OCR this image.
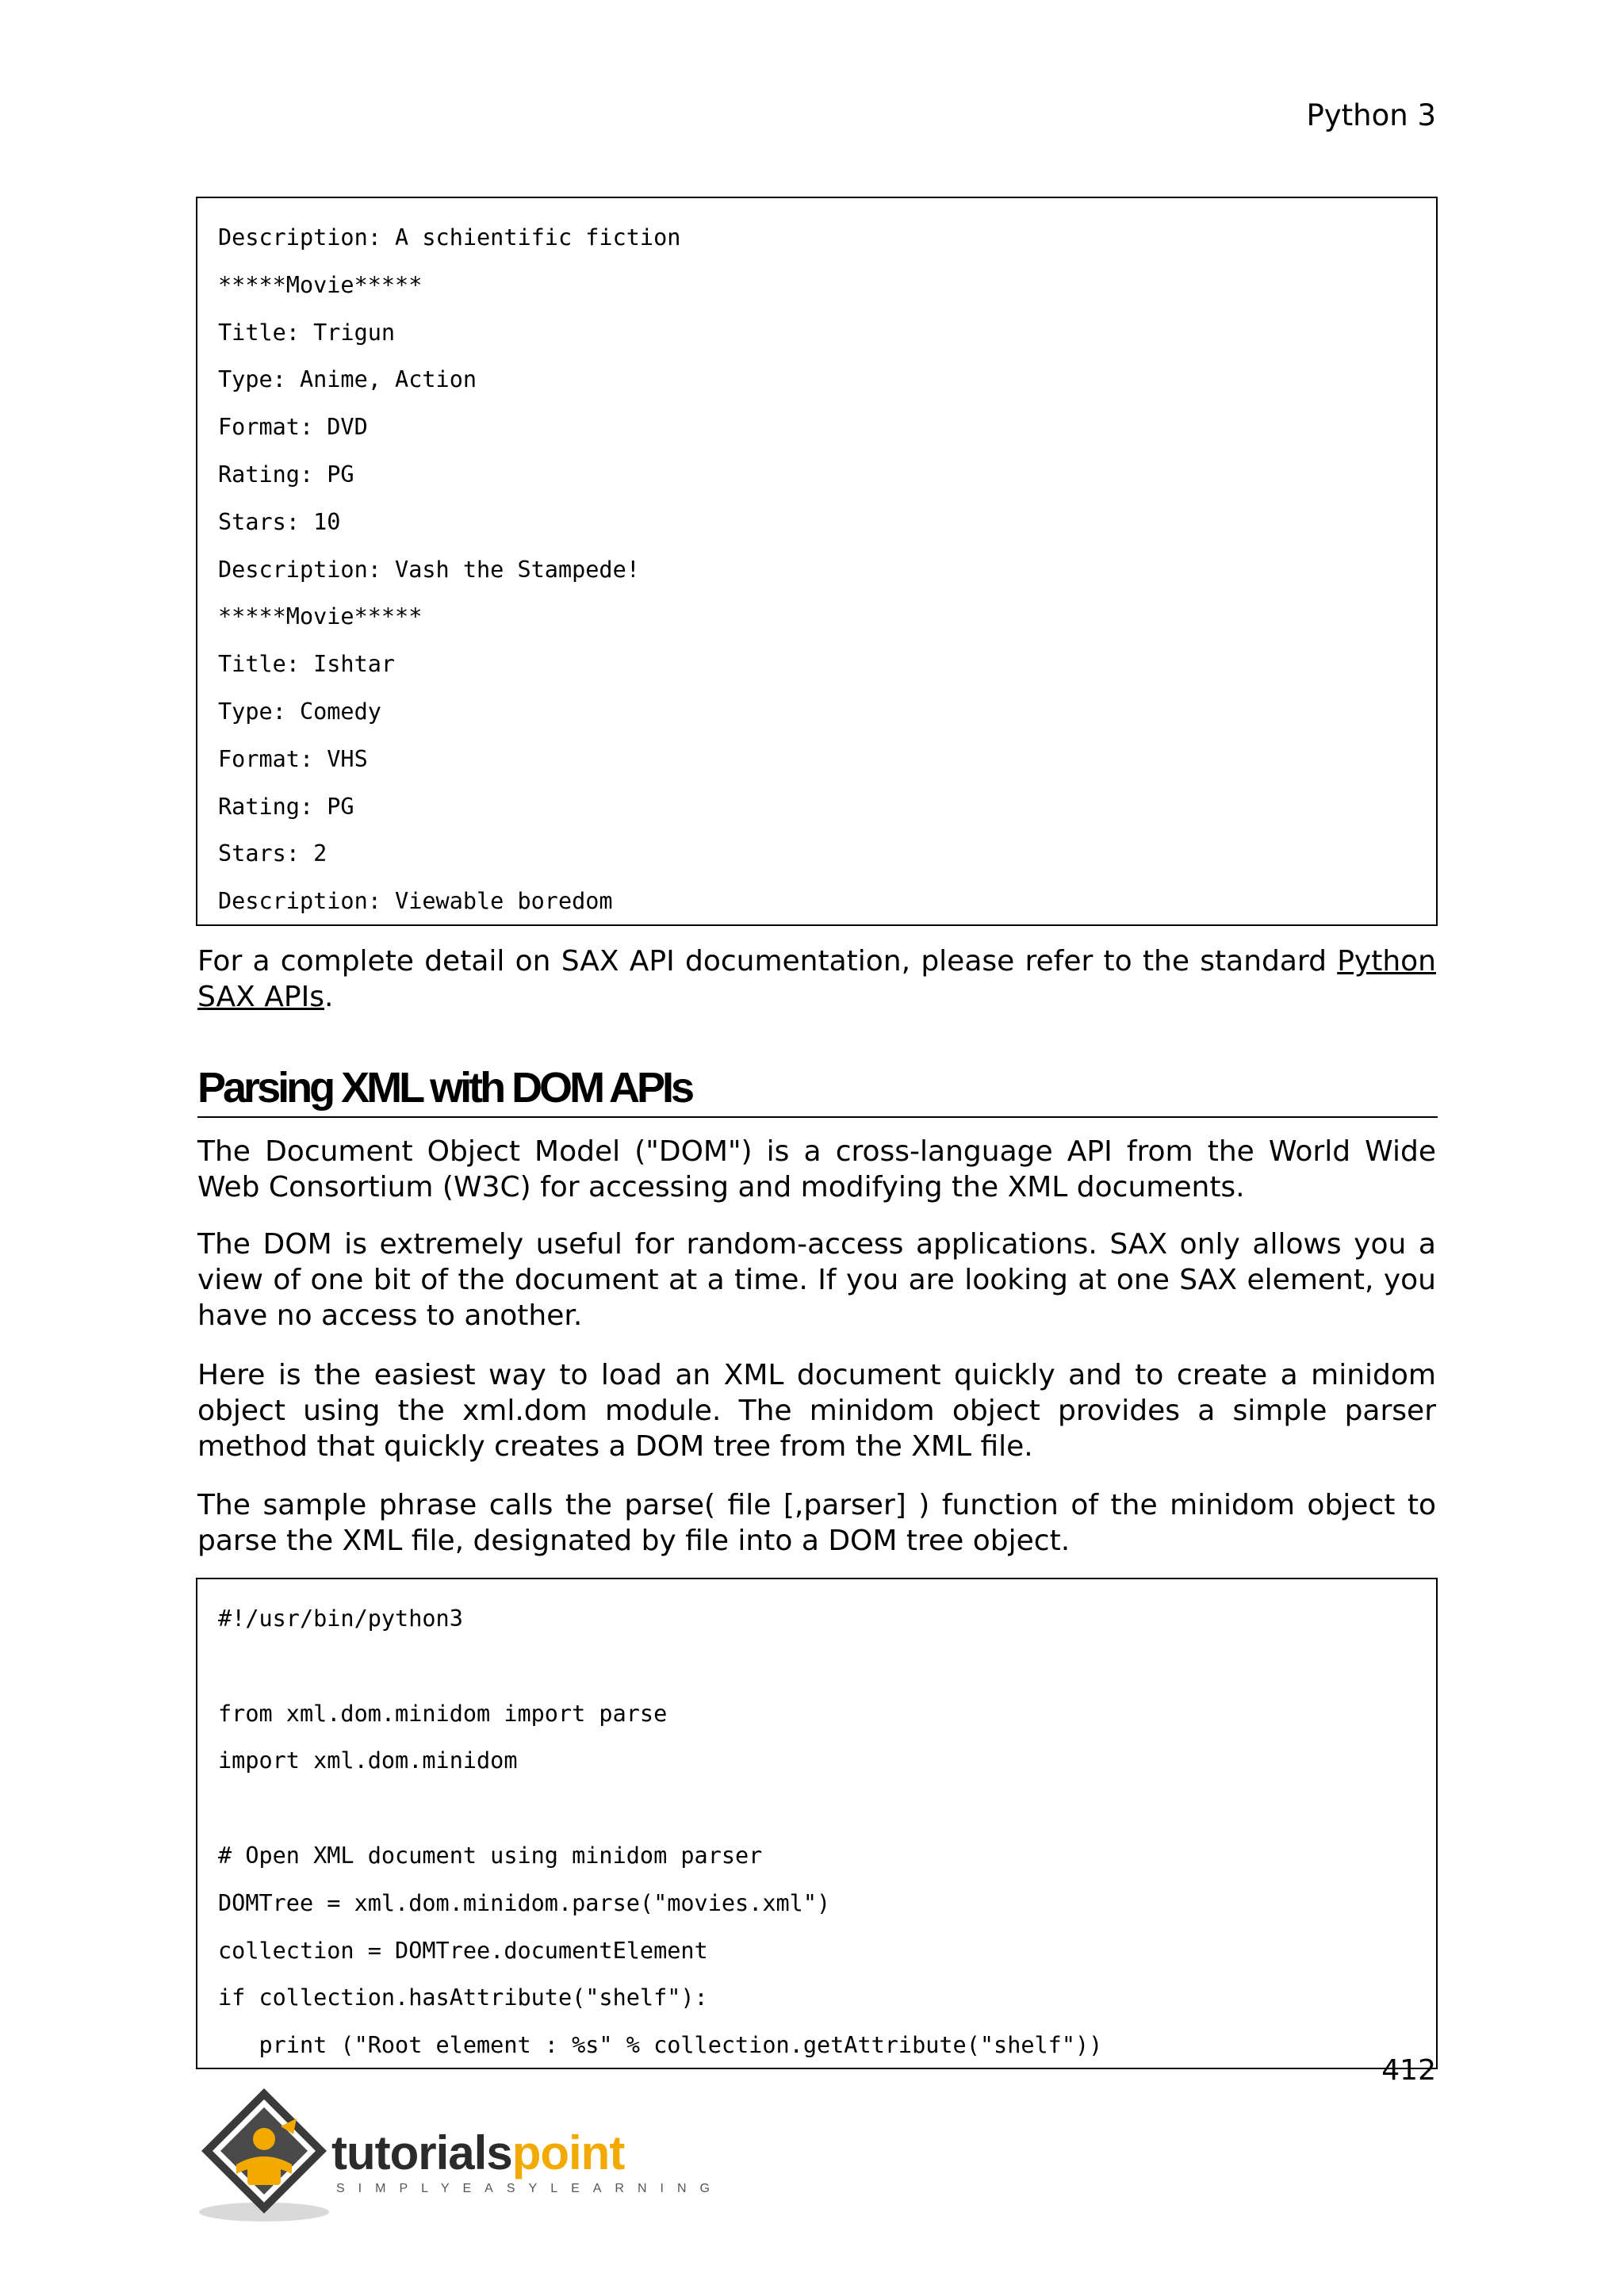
Python 3
Description: A schientific fiction
*****Movie*****
Title: Trigun
Type: Anime, Action
Format: DVD
Rating: PG
Stars: 10
Description: Vash the Stampede!
*****Movie*****
Title: Ishtar
Type: Comedy
Format: VHS
Rating: PG
Stars: 2
Description: Viewable boredom
For a complete detail on SAX API documentation, please refer to the standard Python SAX APIs.
Parsing XML with DOM APIs
The Document Object Model ("DOM") is a cross-language API from the World Wide Web Consortium (W3C) for accessing and modifying the XML documents.
The DOM is extremely useful for random-access applications. SAX only allows you a view of one bit of the document at a time. If you are looking at one SAX element, you have no access to another.
Here is the easiest way to load an XML document quickly and to create a minidom object using the xml.dom module. The minidom object provides a simple parser method that quickly creates a DOM tree from the XML file.
The sample phrase calls the parse( file [,parser] ) function of the minidom object to parse the XML file, designated by file into a DOM tree object.
#!/usr/bin/python3
from xml.dom.minidom import parse
import xml.dom.minidom
# Open XML document using minidom parser
DOMTree = xml.dom.minidom.parse("movies.xml")
collection = DOMTree.documentElement
if collection.hasAttribute("shelf"):
print ("Root element : %s" % collection.getAttribute("shelf"))
412
tutorialspoint
SIMPLYEASYLEARNING
